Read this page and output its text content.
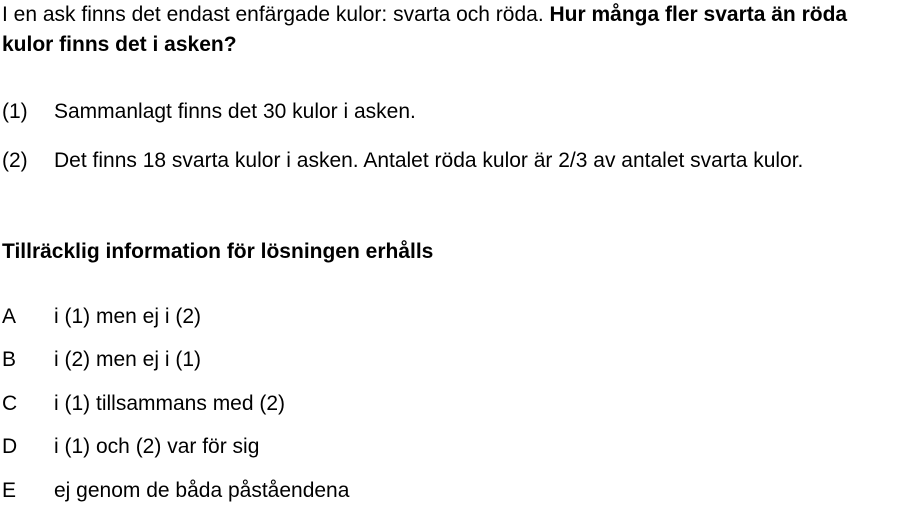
I en ask finns det endast enfärgade kulor: svarta och röda. Hur många fler svarta än röda kulor finns det i asken?

(1) Sammanlagt finns det 30 kulor i asken.
(2) Det finns 18 svarta kulor i asken. Antalet röda kulor är 2/3 av antalet svarta kulor.
Tillräcklig information för lösningen erhålls
A i (1) men ej i (2)
B i (2) men ej i (1)
C i (1) tillsammans med (2)
D i (1) och (2) var för sig
E ej genom de båda påståendena
